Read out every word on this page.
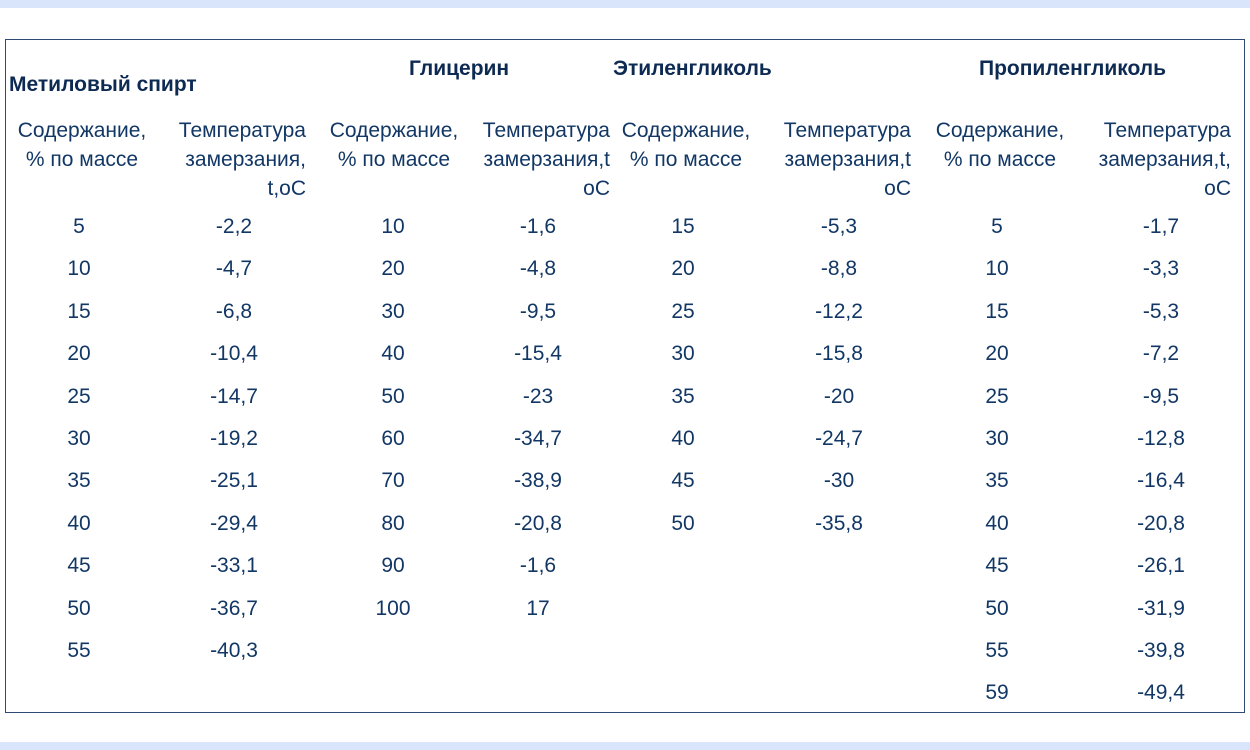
Метиловый спирт
Содержание,
% по массе
Температура
замерзания,
t,oC
5	-2,2
10	-4,7
15	-6,8
20	-10,4
25	-14,7
30	-19,2
35	-25,1
40	-29,4
45	-33,1
50	-36,7
55	-40,3
Глицерин
Содержание,
% по массе
Температура
замерзания,t
oC
10	-1,6
20	-4,8
30	-9,5
40	-15,4
50	-23
60	-34,7
70	-38,9
80	-20,8
90	-1,6
100	17
Этиленгликоль
Содержание,
% по массе
Температура
замерзания,t
oC
15	-5,3
20	-8,8
25	-12,2
30	-15,8
35	-20
40	-24,7
45	-30
50	-35,8
Пропиленгликоль
Содержание,
% по массе
Температура
замерзания,t,
oC
5	-1,7
10	-3,3
15	-5,3
20	-7,2
25	-9,5
30	-12,8
35	-16,4
40	-20,8
45	-26,1
50	-31,9
55	-39,8
59	-49,4
